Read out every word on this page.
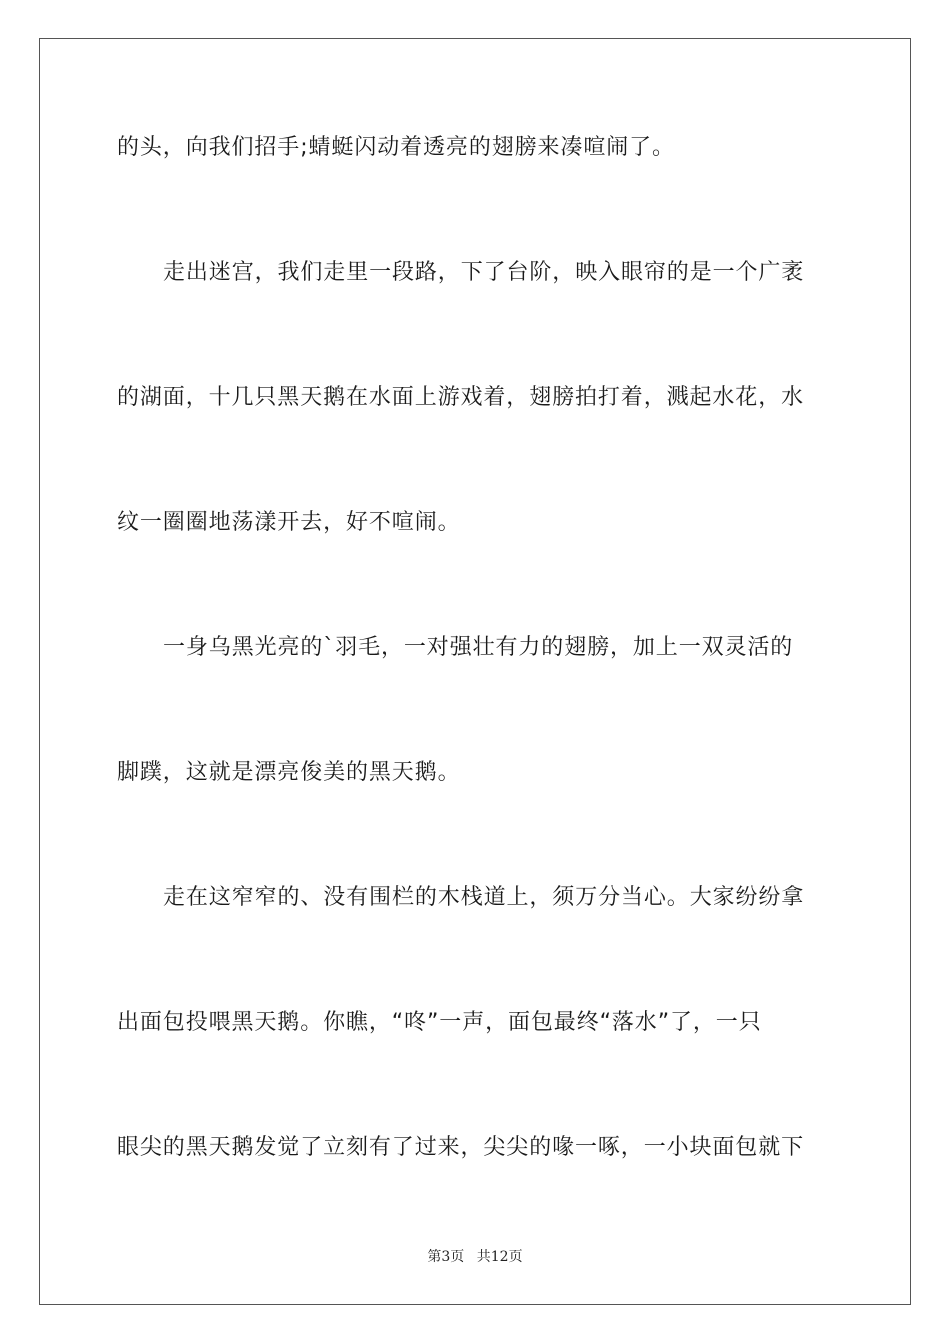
的头，向我们招手;蜻蜓闪动着透亮的翅膀来凑喧闹了。
走出迷宫，我们走里一段路，下了台阶，映入眼帘的是一个广袤
的湖面，十几只黑天鹅在水面上游戏着，翅膀拍打着，溅起水花，水
纹一圈圈地荡漾开去，好不喧闹。
一身乌黑光亮的`羽毛，一对强壮有力的翅膀，加上一双灵活的
脚蹼，这就是漂亮俊美的黑天鹅。
走在这窄窄的、没有围栏的木栈道上，须万分当心。大家纷纷拿
出面包投喂黑天鹅。你瞧，“咚”一声，面包最终“落水”了，一只
眼尖的黑天鹅发觉了立刻有了过来，尖尖的喙一啄，一小块面包就下
第3页 共12页
